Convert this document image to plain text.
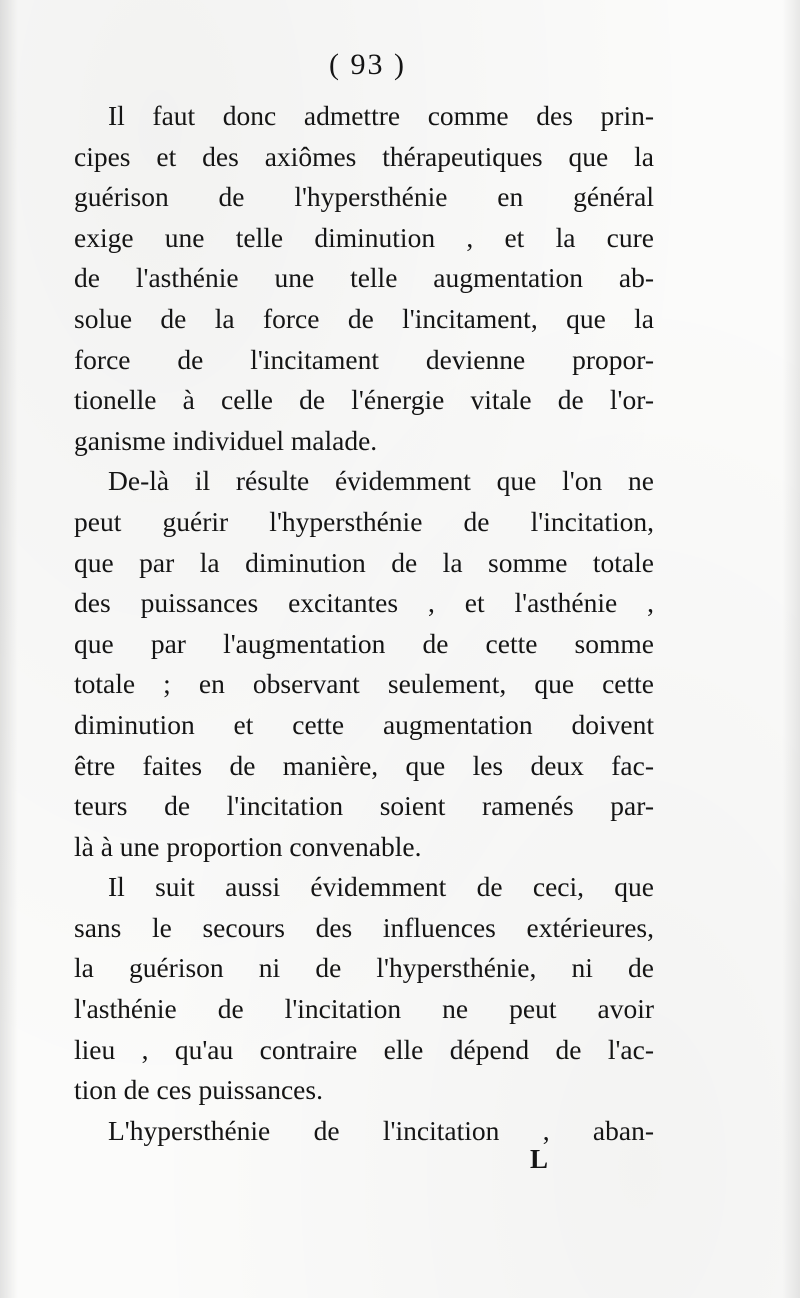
( 93 )
Il faut donc admettre comme des prin-
cipes et des axiômes thérapeutiques que la
guérison de l'hypersthénie en général
exige une telle diminution , et la cure
de l'asthénie une telle augmentation ab-
solue de la force de l'incitament, que la
force de l'incitament devienne propor-
tionelle à celle de l'énergie vitale de l'or-
ganisme individuel malade.
De-là il résulte évidemment que l'on ne
peut guérir l'hypersthénie de l'incitation,
que par la diminution de la somme totale
des puissances excitantes , et l'asthénie ,
que par l'augmentation de cette somme
totale ; en observant seulement, que cette
diminution et cette augmentation doivent
être faites de manière, que les deux fac-
teurs de l'incitation soient ramenés par-
là à une proportion convenable.
Il suit aussi évidemment de ceci, que
sans le secours des influences extérieures,
la guérison ni de l'hypersthénie, ni de
l'asthénie de l'incitation ne peut avoir
lieu , qu'au contraire elle dépend de l'ac-
tion de ces puissances.
L'hypersthénie de l'incitation , aban-
L
